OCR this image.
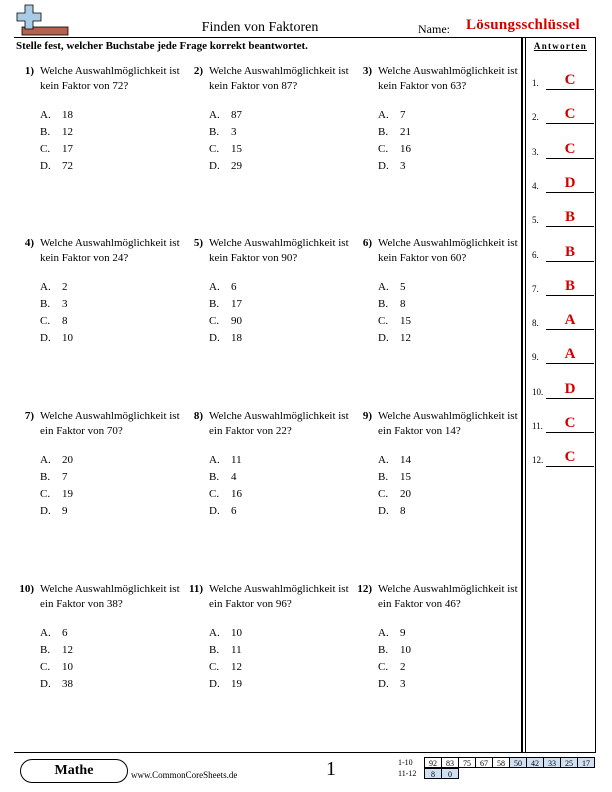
Finden von Faktoren	Name: Lösungsschlüssel
Stelle fest, welcher Buchstabe jede Frage korrekt beantwortet.	Antworten
1.	C
2.	C
3.	C
4.	D
5.	B
6.	B
7.	B
8.	A
9.	A
10.	D
11.	C
12.	C
1) Welche Auswahlmöglichkeit ist kein Faktor von 72?
A. 18
B. 12
C. 17
D. 72
2) Welche Auswahlmöglichkeit ist kein Faktor von 87?
A. 87
B. 3
C. 15
D. 29
3) Welche Auswahlmöglichkeit ist kein Faktor von 63?
A. 7
B. 21
C. 16
D. 3
4) Welche Auswahlmöglichkeit ist kein Faktor von 24?
A. 2
B. 3
C. 8
D. 10
5) Welche Auswahlmöglichkeit ist kein Faktor von 90?
A. 6
B. 17
C. 90
D. 18
6) Welche Auswahlmöglichkeit ist kein Faktor von 60?
A. 5
B. 8
C. 15
D. 12
7) Welche Auswahlmöglichkeit ist ein Faktor von 70?
A. 20
B. 7
C. 19
D. 9
8) Welche Auswahlmöglichkeit ist ein Faktor von 22?
A. 11
B. 4
C. 16
D. 6
9) Welche Auswahlmöglichkeit ist ein Faktor von 14?
A. 14
B. 15
C. 20
D. 8
10) Welche Auswahlmöglichkeit ist ein Faktor von 38?
A. 6
B. 12
C. 10
D. 38
11) Welche Auswahlmöglichkeit ist ein Faktor von 96?
A. 10
B. 11
C. 12
D. 19
12) Welche Auswahlmöglichkeit ist ein Faktor von 46?
A. 9
B. 10
C. 2
D. 3
Mathe	www.CommonCoreSheets.de	1	1-10	92	83	75	67	58	50	42	33	25	17
11-12	8	0
